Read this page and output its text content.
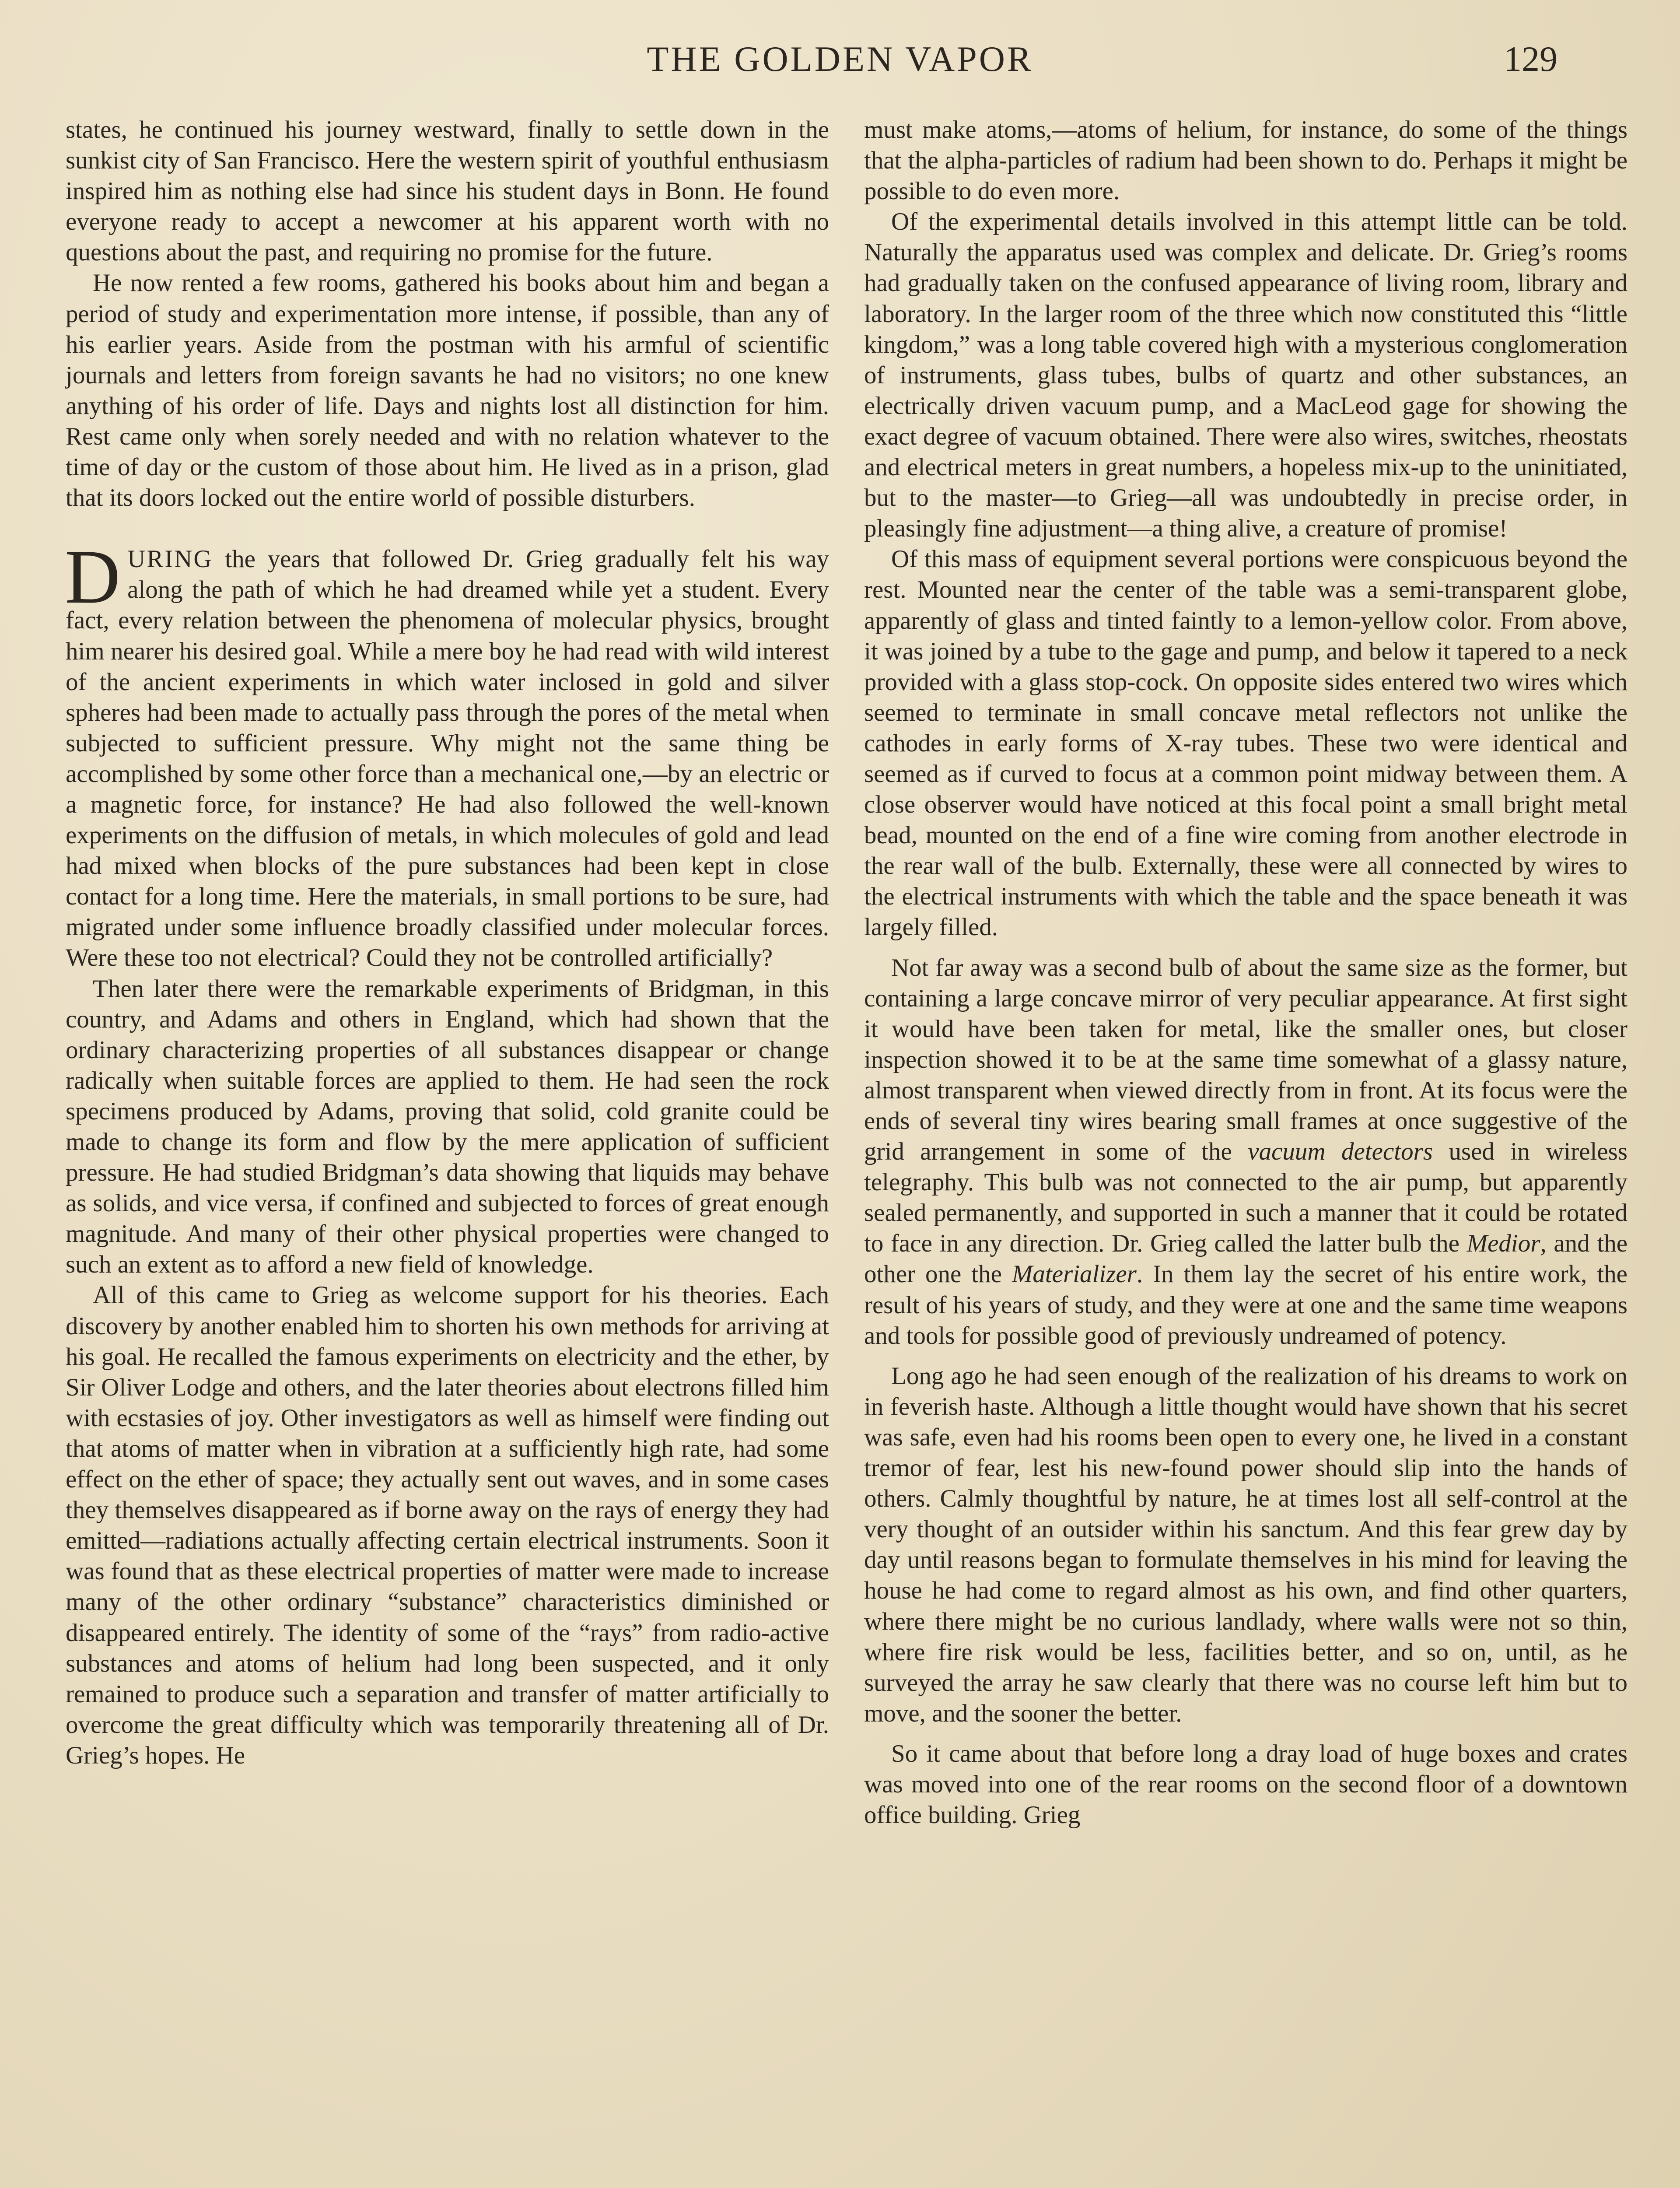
THE GOLDEN VAPOR	129

states, he continued his journey westward, finally to settle down in the sunkist city of San Francisco. Here the western spirit of youthful enthusiasm inspired him as nothing else had since his student days in Bonn. He found everyone ready to accept a newcomer at his apparent worth with no questions about the past, and requiring no promise for the future.

He now rented a few rooms, gathered his books about him and began a period of study and experimentation more intense, if possible, than any of his earlier years. Aside from the postman with his armful of scientific journals and letters from foreign savants he had no visitors; no one knew anything of his order of life. Days and nights lost all distinction for him. Rest came only when sorely needed and with no relation whatever to the time of day or the custom of those about him. He lived as in a prison, glad that its doors locked out the entire world of possible disturbers.

DURING the years that followed Dr. Grieg gradually felt his way along the path of which he had dreamed while yet a student. Every fact, every relation between the phenomena of molecular physics, brought him nearer his desired goal. While a mere boy he had read with wild interest of the ancient experiments in which water inclosed in gold and silver spheres had been made to actually pass through the pores of the metal when subjected to sufficient pressure. Why might not the same thing be accomplished by some other force than a mechanical one,—by an electric or a magnetic force, for instance? He had also followed the well-known experiments on the diffusion of metals, in which molecules of gold and lead had mixed when blocks of the pure substances had been kept in close contact for a long time. Here the materials, in small portions to be sure, had migrated under some influence broadly classified under molecular forces. Were these too not electrical? Could they not be controlled artificially?

Then later there were the remarkable experiments of Bridgman, in this country, and Adams and others in England, which had shown that the ordinary characterizing properties of all substances disappear or change radically when suitable forces are applied to them. He had seen the rock specimens produced by Adams, proving that solid, cold granite could be made to change its form and flow by the mere application of sufficient pressure. He had studied Bridgman’s data showing that liquids may behave as solids, and vice versa, if confined and subjected to forces of great enough magnitude. And many of their other physical properties were changed to such an extent as to afford a new field of knowledge.

All of this came to Grieg as welcome support for his theories. Each discovery by another enabled him to shorten his own methods for arriving at his goal. He recalled the famous experiments on electricity and the ether, by Sir Oliver Lodge and others, and the later theories about electrons filled him with ecstasies of joy. Other investigators as well as himself were finding out that atoms of matter when in vibration at a sufficiently high rate, had some effect on the ether of space; they actually sent out waves, and in some cases they themselves disappeared as if borne away on the rays of energy they had emitted—radiations actually affecting certain electrical instruments. Soon it was found that as these electrical properties of matter were made to increase many of the other ordinary “substance” characteristics diminished or disappeared entirely. The identity of some of the “rays” from radio-active substances and atoms of helium had long been suspected, and it only remained to produce such a separation and transfer of matter artificially to overcome the great difficulty which was temporarily threatening all of Dr. Grieg’s hopes. He

must make atoms,—atoms of helium, for instance, do some of the things that the alpha-particles of radium had been shown to do. Perhaps it might be possible to do even more.

Of the experimental details involved in this attempt little can be told. Naturally the apparatus used was complex and delicate. Dr. Grieg’s rooms had gradually taken on the confused appearance of living room, library and laboratory. In the larger room of the three which now constituted this “little kingdom,” was a long table covered high with a mysterious conglomeration of instruments, glass tubes, bulbs of quartz and other substances, an electrically driven vacuum pump, and a MacLeod gage for showing the exact degree of vacuum obtained. There were also wires, switches, rheostats and electrical meters in great numbers, a hopeless mix-up to the uninitiated, but to the master—to Grieg—all was undoubtedly in precise order, in pleasingly fine adjustment—a thing alive, a creature of promise!

Of this mass of equipment several portions were conspicuous beyond the rest. Mounted near the center of the table was a semi-transparent globe, apparently of glass and tinted faintly to a lemon-yellow color. From above, it was joined by a tube to the gage and pump, and below it tapered to a neck provided with a glass stop-cock. On opposite sides entered two wires which seemed to terminate in small concave metal reflectors not unlike the cathodes in early forms of X-ray tubes. These two were identical and seemed as if curved to focus at a common point midway between them. A close observer would have noticed at this focal point a small bright metal bead, mounted on the end of a fine wire coming from another electrode in the rear wall of the bulb. Externally, these were all connected by wires to the electrical instruments with which the table and the space beneath it was largely filled.

Not far away was a second bulb of about the same size as the former, but containing a large concave mirror of very peculiar appearance. At first sight it would have been taken for metal, like the smaller ones, but closer inspection showed it to be at the same time somewhat of a glassy nature, almost transparent when viewed directly from in front. At its focus were the ends of several tiny wires bearing small frames at once suggestive of the grid arrangement in some of the vacuum detectors used in wireless telegraphy. This bulb was not connected to the air pump, but apparently sealed permanently, and supported in such a manner that it could be rotated to face in any direction. Dr. Grieg called the latter bulb the Medior, and the other one the Materializer. In them lay the secret of his entire work, the result of his years of study, and they were at one and the same time weapons and tools for possible good of previously undreamed of potency.

Long ago he had seen enough of the realization of his dreams to work on in feverish haste. Although a little thought would have shown that his secret was safe, even had his rooms been open to every one, he lived in a constant tremor of fear, lest his new-found power should slip into the hands of others. Calmly thoughtful by nature, he at times lost all self-control at the very thought of an outsider within his sanctum. And this fear grew day by day until reasons began to formulate themselves in his mind for leaving the house he had come to regard almost as his own, and find other quarters, where there might be no curious landlady, where walls were not so thin, where fire risk would be less, facilities better, and so on, until, as he surveyed the array he saw clearly that there was no course left him but to move, and the sooner the better.

So it came about that before long a dray load of huge boxes and crates was moved into one of the rear rooms on the second floor of a downtown office building. Grieg
